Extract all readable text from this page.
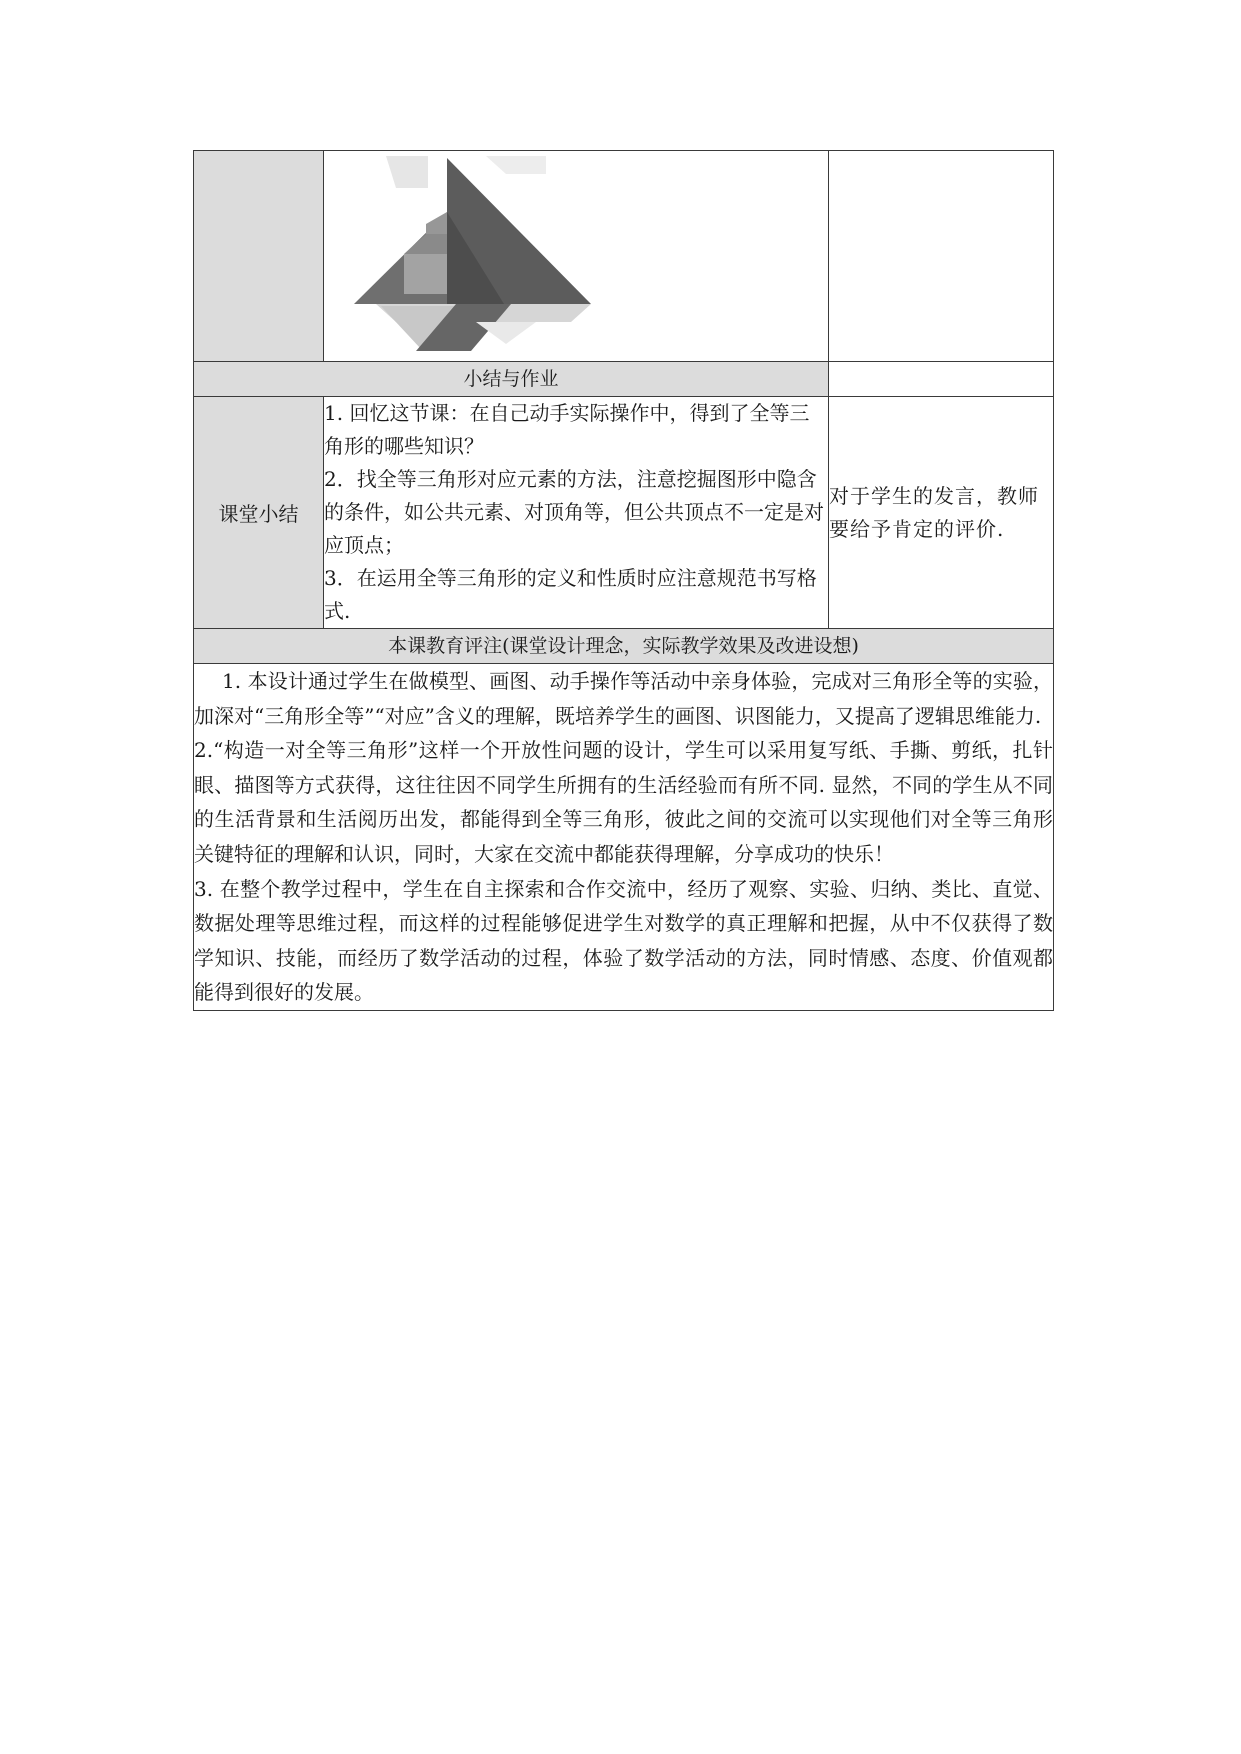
小结与作业		
课堂小结	1. 回忆这节课：在自己动手实际操作中，得到了全等三角形的哪些知识？

2．找全等三角形对应元素的方法，注意挖掘图形中隐含的条件，如公共元素、对顶角等，但公共顶点不一定是对应顶点；

3．在运用全等三角形的定义和性质时应注意规范书写格式.	对于学生的发言，教师要给予肯定的评价.
本课教育评注(课堂设计理念，实际教学效果及改进设想)		

1. 本设计通过学生在做模型、画图、动手操作等活动中亲身体验，完成对三角形全等的实验，加深对“三角形全等”“对应”含义的理解，既培养学生的画图、识图能力，又提高了逻辑思维能力.

2.“构造一对全等三角形”这样一个开放性问题的设计，学生可以采用复写纸、手撕、剪纸，扎针眼、描图等方式获得，这往往因不同学生所拥有的生活经验而有所不同. 显然，不同的学生从不同的生活背景和生活阅历出发，都能得到全等三角形，彼此之间的交流可以实现他们对全等三角形关键特征的理解和认识，同时，大家在交流中都能获得理解，分享成功的快乐！

3. 在整个教学过程中，学生在自主探索和合作交流中，经历了观察、实验、归纳、类比、直觉、数据处理等思维过程，而这样的过程能够促进学生对数学的真正理解和把握，从中不仅获得了数学知识、技能，而经历了数学活动的过程，体验了数学活动的方法，同时情感、态度、价值观都能得到很好的发展。		
